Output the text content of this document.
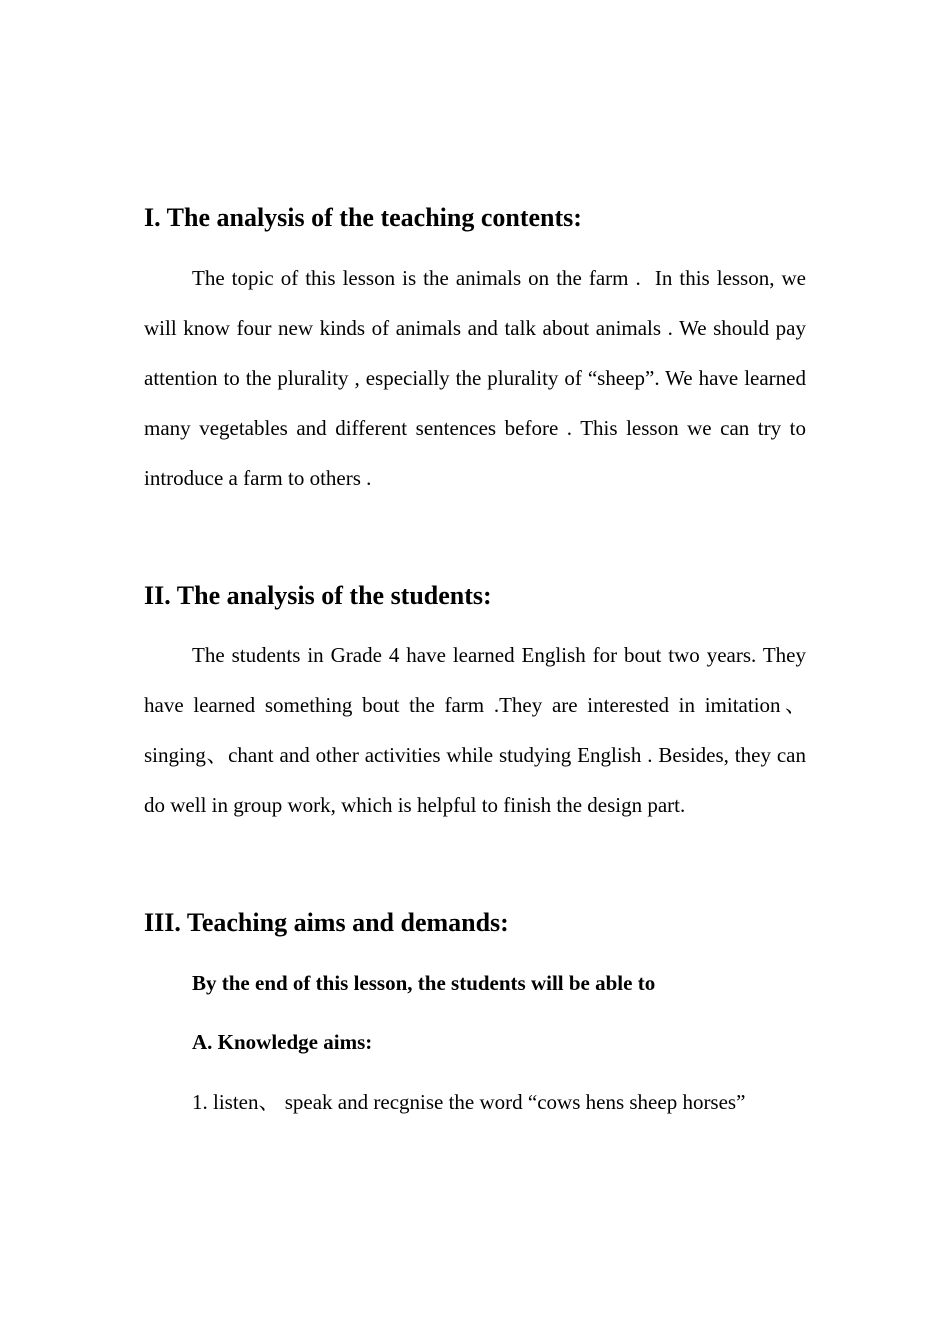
I. The analysis of the teaching contents:

The topic of this lesson is the animals on the farm .  In this lesson, we will know four new kinds of animals and talk about animals . We should pay attention to the plurality , especially the plurality of “sheep”. We have learned many vegetables and different sentences before . This lesson we can try to introduce a farm to others .

II. The analysis of the students:

The students in Grade 4 have learned English for bout two years. They have learned something bout the farm .They are interested in imitation、singing、chant and other activities while studying English . Besides, they can do well in group work, which is helpful to finish the design part.

III. Teaching aims and demands:
By the end of this lesson, the students will be able to
A. Knowledge aims:

1. listen、 speak and recgnise the word “cows hens sheep horses”
